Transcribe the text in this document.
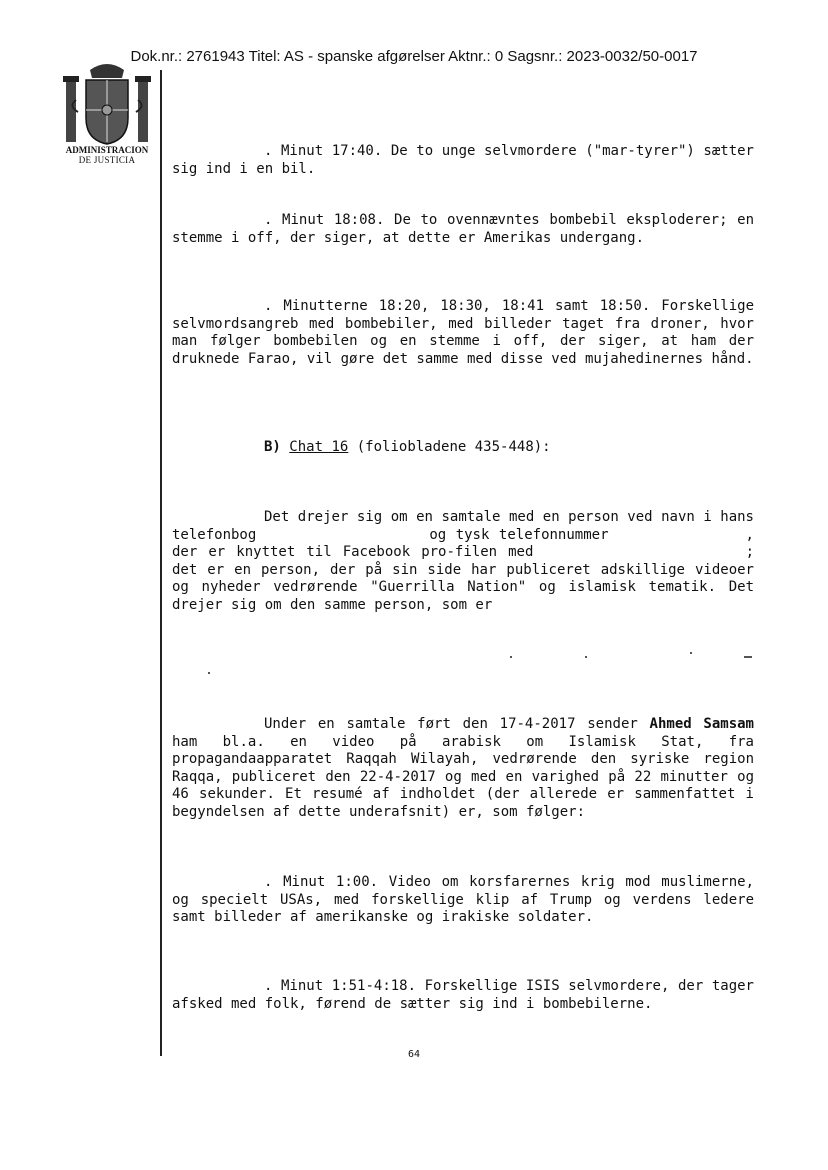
Dok.nr.: 2761943 Titel: AS - spanske afgørelser Aktnr.: 0 Sagsnr.: 2023-0032/50-0017
ADMINISTRACION
DE JUSTICIA
. Minut 17:40. De to unge selvmordere ("mar-tyrer") sætter sig ind i en bil.
. Minut 18:08. De to ovennævntes bombebil eksploderer; en stemme i off, der siger, at dette er Amerikas undergang.
. Minutterne 18:20, 18:30, 18:41 samt 18:50. Forskellige selvmordsangreb med bombebiler, med billeder taget fra droner, hvor man følger bombebilen og en stemme i off, der siger, at ham der druknede Farao, vil gøre det samme med disse ved mujahedinernes hånd.
B) Chat 16 (foliobladene 435-448):
Det drejer sig om en samtale med en person ved navn i hans telefonbog	og tysk telefonnummer	, der er knyttet til Facebook pro-filen med	; det er en person, der på sin side har publiceret adskillige videoer og nyheder vedrørende "Guerrilla Nation" og islamisk tematik. Det drejer sig om den samme person, som er
Under en samtale ført den 17-4-2017 sender Ahmed Samsam ham bl.a. en video på arabisk om Islamisk Stat, fra propagandaapparatet Raqqah Wilayah, vedrørende den syriske region Raqqa, publiceret den 22-4-2017 og med en varighed på 22 minutter og 46 sekunder. Et resumé af indholdet (der allerede er sammenfattet i begyndelsen af dette underafsnit) er, som følger:
. Minut 1:00. Video om korsfarernes krig mod muslimerne, og specielt USAs, med forskellige klip af Trump og verdens ledere samt billeder af amerikanske og irakiske soldater.
. Minut 1:51-4:18. Forskellige ISIS selvmordere, der tager afsked med folk, førend de sætter sig ind i bombebilerne.
64
